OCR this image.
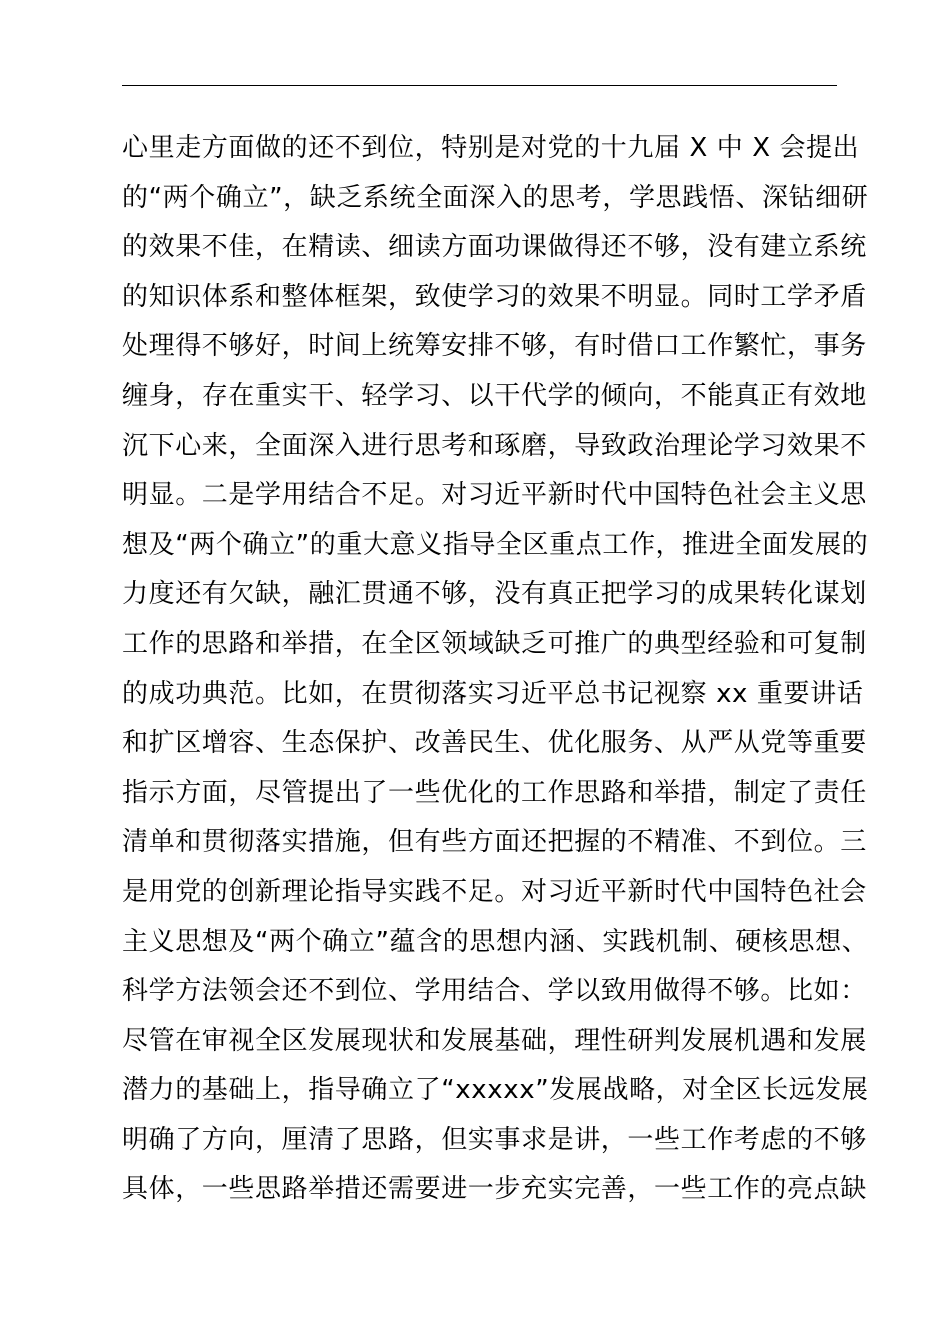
心里走方面做的还不到位，特别是对党的十九届 X 中 X 会提出
的“两个确立”，缺乏系统全面深入的思考，学思践悟、深钻细研
的效果不佳，在精读、细读方面功课做得还不够，没有建立系统
的知识体系和整体框架，致使学习的效果不明显。同时工学矛盾
处理得不够好，时间上统筹安排不够，有时借口工作繁忙，事务
缠身，存在重实干、轻学习、以干代学的倾向，不能真正有效地
沉下心来，全面深入进行思考和琢磨，导致政治理论学习效果不
明显。二是学用结合不足。对习近平新时代中国特色社会主义思
想及“两个确立”的重大意义指导全区重点工作，推进全面发展的
力度还有欠缺，融汇贯通不够，没有真正把学习的成果转化谋划
工作的思路和举措，在全区领域缺乏可推广的典型经验和可复制
的成功典范。比如，在贯彻落实习近平总书记视察 xx 重要讲话
和扩区增容、生态保护、改善民生、优化服务、从严从党等重要
指示方面，尽管提出了一些优化的工作思路和举措，制定了责任
清单和贯彻落实措施，但有些方面还把握的不精准、不到位。三
是用党的创新理论指导实践不足。对习近平新时代中国特色社会
主义思想及“两个确立”蕴含的思想内涵、实践机制、硬核思想、
科学方法领会还不到位、学用结合、学以致用做得不够。比如：
尽管在审视全区发展现状和发展基础，理性研判发展机遇和发展
潜力的基础上，指导确立了“xxxxx”发展战略，对全区长远发展
明确了方向，厘清了思路，但实事求是讲，一些工作考虑的不够
具体，一些思路举措还需要进一步充实完善，一些工作的亮点缺
